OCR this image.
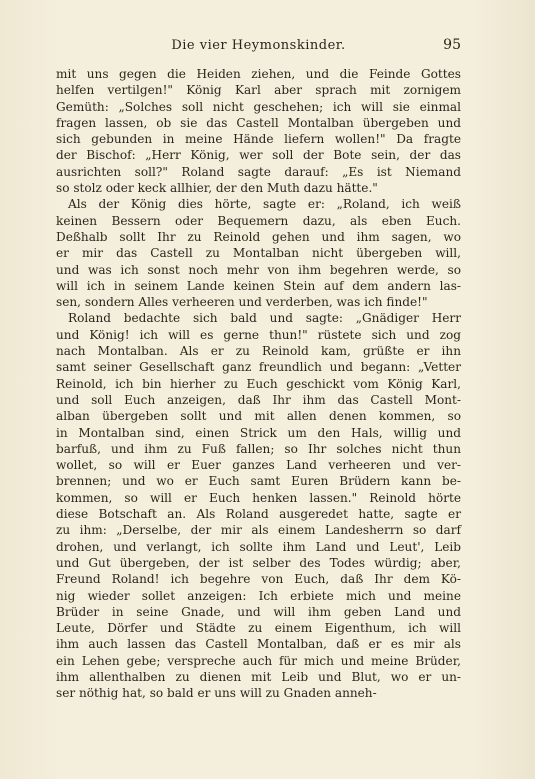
Die vier Heymonskinder.	95
mit uns gegen die Heiden ziehen, und die Feinde Gottes
helfen vertilgen!" König Karl aber sprach mit zornigem
Gemüth: „Solches soll nicht geschehen; ich will sie einmal
fragen lassen, ob sie das Castell Montalban übergeben und
sich gebunden in meine Hände liefern wollen!" Da fragte
der Bischof: „Herr König, wer soll der Bote sein, der das
ausrichten soll?" Roland sagte darauf: „Es ist Niemand
so stolz oder keck allhier, der den Muth dazu hätte."
Als der König dies hörte, sagte er: „Roland, ich weiß
keinen Bessern oder Bequemern dazu, als eben Euch.
Deßhalb sollt Ihr zu Reinold gehen und ihm sagen, wo
er mir das Castell zu Montalban nicht übergeben will,
und was ich sonst noch mehr von ihm begehren werde, so
will ich in seinem Lande keinen Stein auf dem andern las-
sen, sondern Alles verheeren und verderben, was ich finde!"
Roland bedachte sich bald und sagte: „Gnädiger Herr
und König! ich will es gerne thun!" rüstete sich und zog
nach Montalban. Als er zu Reinold kam, grüßte er ihn
samt seiner Gesellschaft ganz freundlich und begann: „Vetter
Reinold, ich bin hierher zu Euch geschickt vom König Karl,
und soll Euch anzeigen, daß Ihr ihm das Castell Mont-
alban übergeben sollt und mit allen denen kommen, so
in Montalban sind, einen Strick um den Hals, willig und
barfuß, und ihm zu Fuß fallen; so Ihr solches nicht thun
wollet, so will er Euer ganzes Land verheeren und ver-
brennen; und wo er Euch samt Euren Brüdern kann be-
kommen, so will er Euch henken lassen." Reinold hörte
diese Botschaft an. Als Roland ausgeredet hatte, sagte er
zu ihm: „Derselbe, der mir als einem Landesherrn so darf
drohen, und verlangt, ich sollte ihm Land und Leut', Leib
und Gut übergeben, der ist selber des Todes würdig; aber,
Freund Roland! ich begehre von Euch, daß Ihr dem Kö-
nig wieder sollet anzeigen: Ich erbiete mich und meine
Brüder in seine Gnade, und will ihm geben Land und
Leute, Dörfer und Städte zu einem Eigenthum, ich will
ihm auch lassen das Castell Montalban, daß er es mir als
ein Lehen gebe; verspreche auch für mich und meine Brüder,
ihm allenthalben zu dienen mit Leib und Blut, wo er un-
ser nöthig hat, so bald er uns will zu Gnaden anneh-
